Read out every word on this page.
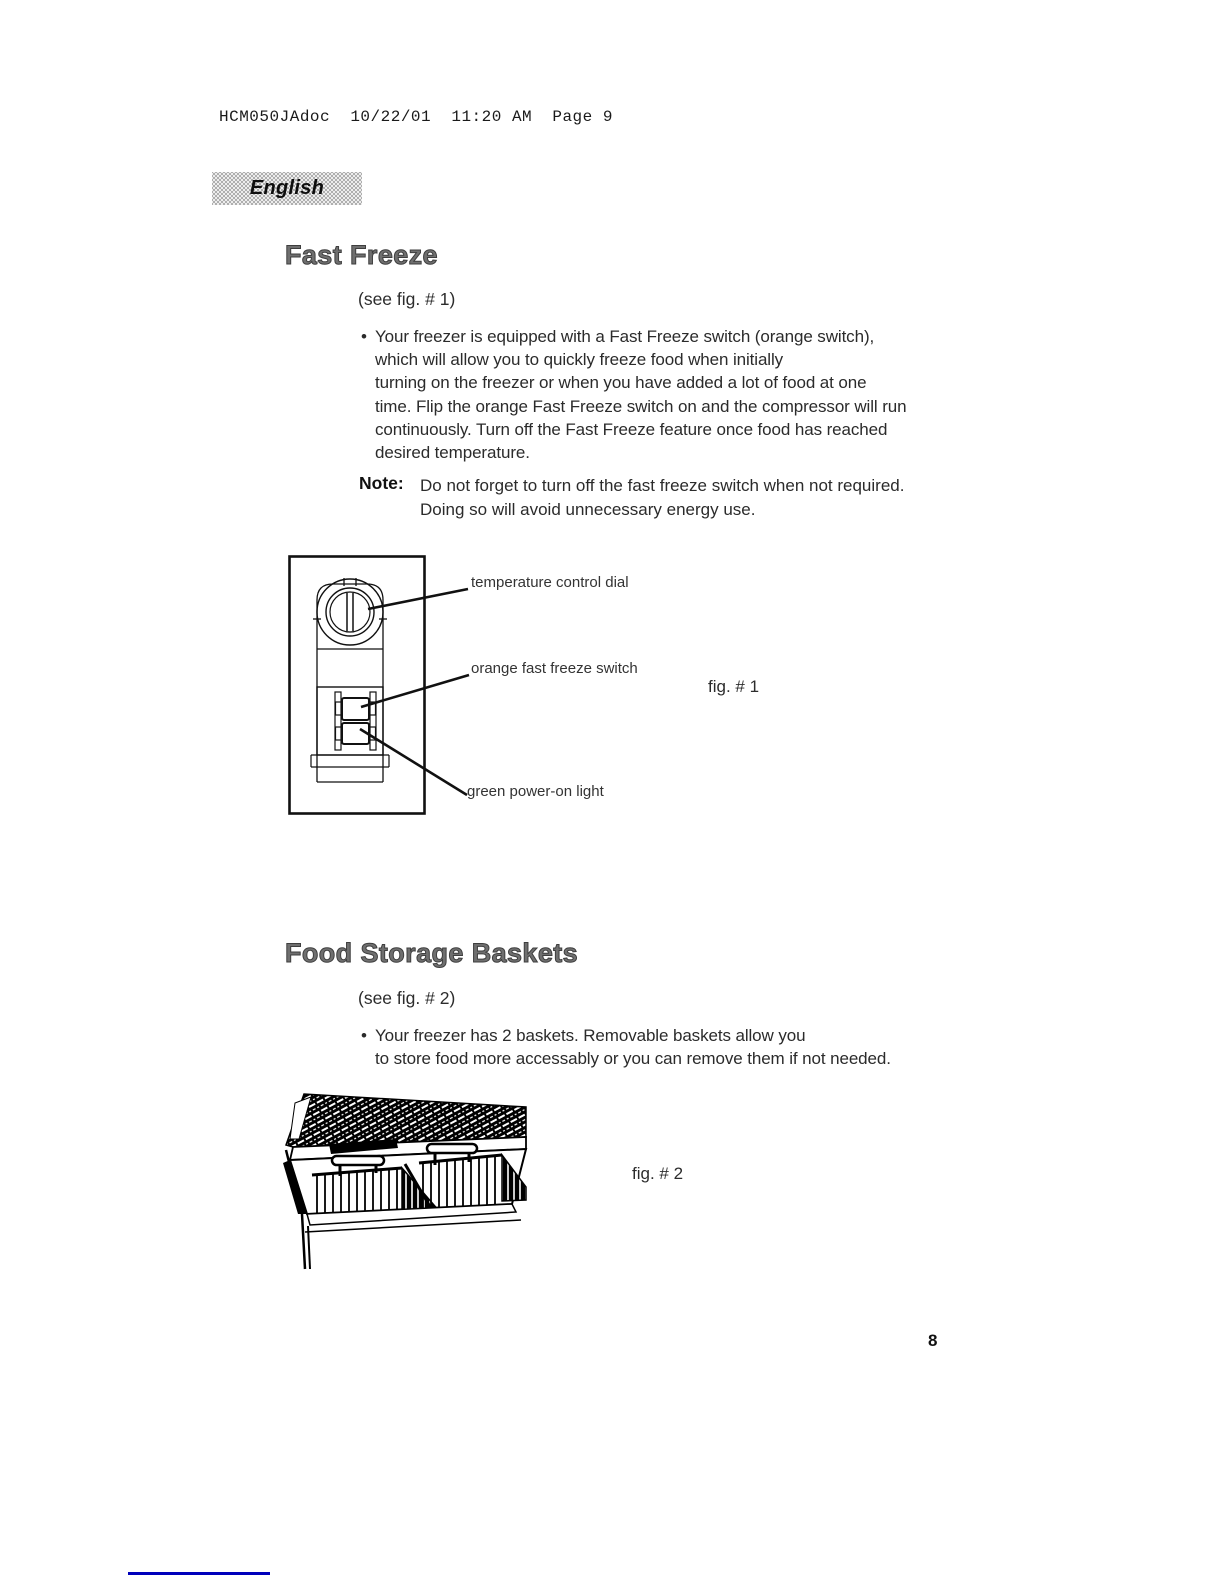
HCM050JAdoc  10/22/01  11:20 AM  Page 9
English
Fast Freeze
(see fig. # 1)
• Your freezer is equipped with a Fast Freeze switch (orange switch),
which will allow you to quickly freeze food when initially
turning on the freezer or when you have added a lot of food at one
time. Flip the orange Fast Freeze switch on and the compressor will run
continuously. Turn off the Fast Freeze feature once food has reached
desired temperature.
Note: Do not forget to turn off the fast freeze switch when not required.
Doing so will avoid unnecessary energy use.
temperature control dial
orange fast freeze switch
green power-on light
fig. # 1
Food Storage Baskets
(see fig. # 2)
• Your freezer has 2 baskets. Removable baskets allow you
to store food more accessably or you can remove them if not needed.
fig. # 2
8
